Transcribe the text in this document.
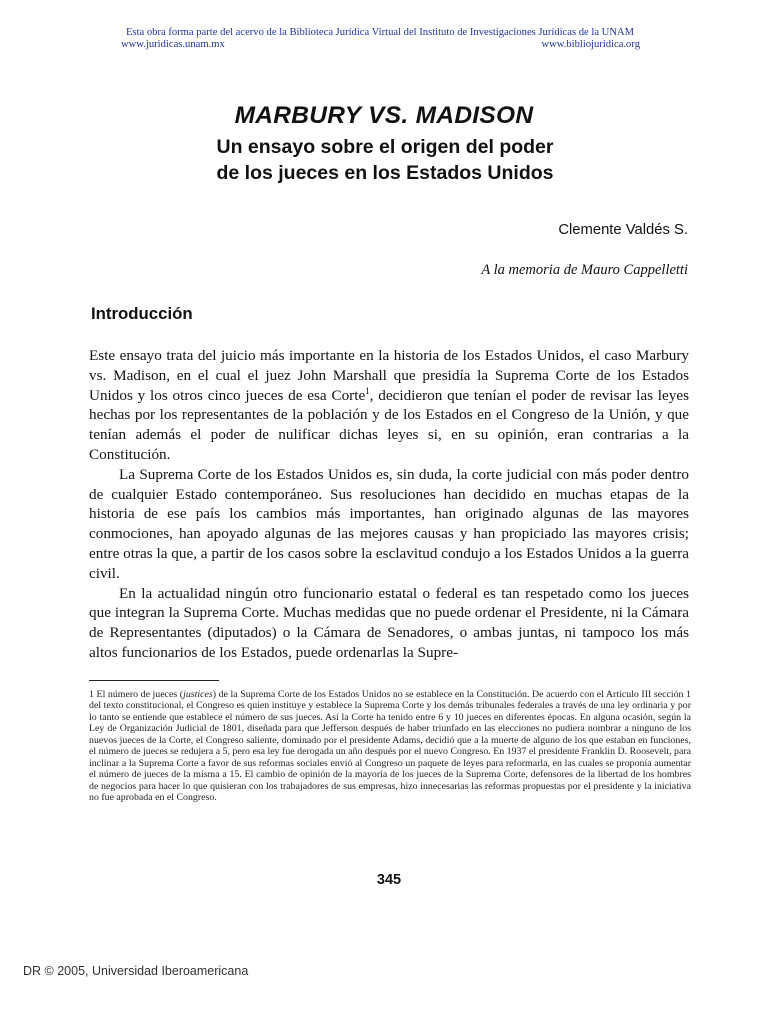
Esta obra forma parte del acervo de la Biblioteca Jurídica Virtual del Instituto de Investigaciones Jurídicas de la UNAM
www.juridicas.unam.mx	www.bibliojuridica.org
MARBURY VS. MADISON
Un ensayo sobre el origen del poder
de los jueces en los Estados Unidos
Clemente Valdés S.
A la memoria de Mauro Cappelletti
Introducción

Este ensayo trata del juicio más importante en la historia de los Estados Unidos, el caso Marbury vs. Madison, en el cual el juez John Marshall que presidía la Suprema Corte de los Estados Unidos y los otros cinco jueces de esa Corte$^1$, decidieron que tenían el poder de revisar las leyes hechas por los representantes de la población y de los Estados en el Congreso de la Unión, y que tenían además el poder de nulificar dichas leyes si, en su opinión, eran contrarias a la Constitución.

La Suprema Corte de los Estados Unidos es, sin duda, la corte judicial con más poder dentro de cualquier Estado contemporáneo. Sus resoluciones han decidido en muchas etapas de la historia de ese país los cambios más importantes, han originado algunas de las mayores conmociones, han apoyado algunas de las mejores causas y han propiciado las mayores crisis; entre otras la que, a partir de los casos sobre la esclavitud condujo a los Estados Unidos a la guerra civil.

En la actualidad ningún otro funcionario estatal o federal es tan respetado como los jueces que integran la Suprema Corte. Muchas medidas que no puede ordenar el Presidente, ni la Cámara de Representantes (diputados) o la Cámara de Senadores, o ambas juntas, ni tampoco los más altos funcionarios de los Estados, puede ordenarlas la Supre-

1 El número de jueces (justices) de la Suprema Corte de los Estados Unidos no se establece en la Constitución. De acuerdo con el Artículo III sección 1 del texto constitucional, el Congreso es quien instituye y establece la Suprema Corte y los demás tribunales federales a través de una ley ordinaria y por lo tanto se entiende que establece el número de sus jueces. Así la Corte ha tenido entre 6 y 10 jueces en diferentes épocas. En alguna ocasión, según la Ley de Organización Judicial de 1801, diseñada para que Jefferson después de haber triunfado en las elecciones no pudiera nombrar a ninguno de los nuevos jueces de la Corte, el Congreso saliente, dominado por el presidente Adams, decidió que a la muerte de alguno de los que estaban en funciones, el número de jueces se redujera a 5, pero esa ley fue derogada un año después por el nuevo Congreso. En 1937 el presidente Franklin D. Roosevelt, para inclinar a la Suprema Corte a favor de sus reformas sociales envió al Congreso un paquete de leyes para reformarla, en las cuales se proponía aumentar el número de jueces de la misma a 15. El cambio de opinión de la mayoría de los jueces de la Suprema Corte, defensores de la libertad de los hombres de negocios para hacer lo que quisieran con los trabajadores de sus empresas, hizo innecesarias las reformas propuestas por el presidente y la iniciativa no fue aprobada en el Congreso.

345
DR © 2005, Universidad Iberoamericana
